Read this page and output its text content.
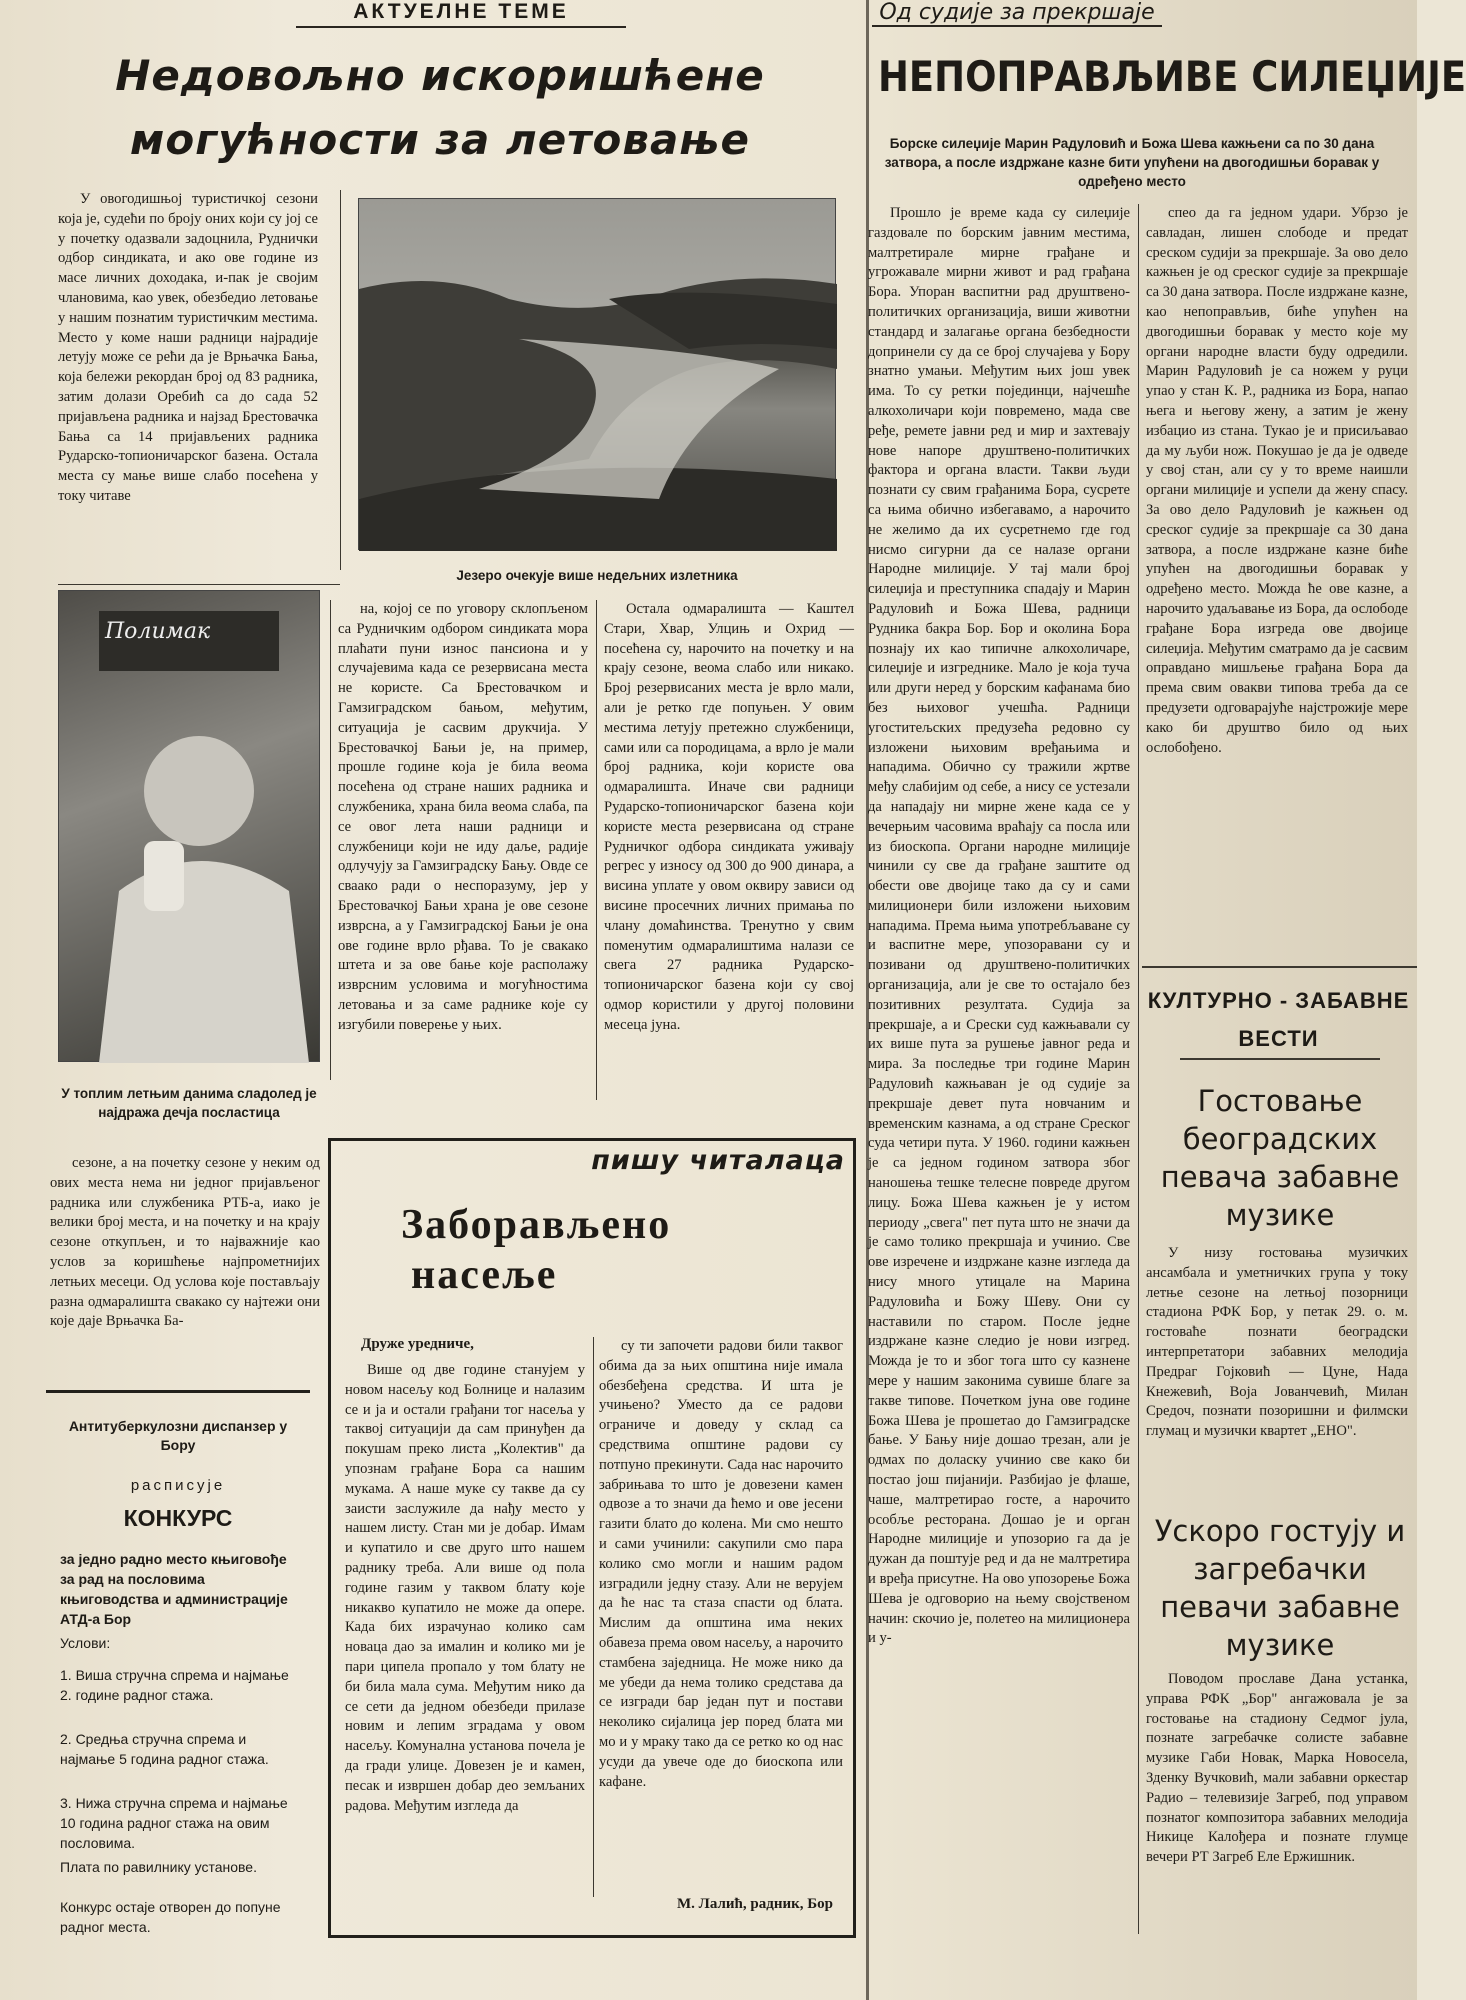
АКТУЕЛНЕ ТЕМЕ
Недовољно искоришћене
могућности за летовање
У овогодишњој туристичкој сезони која је, судећи по броју оних који су јој се у почетку одазвали задоцнила, Руднички одбор синдиката, и ако ове године из масе личних доходака, и-пак је својим члановима, као увек, обезбедио летовање у нашим познатим туристичким местима. Место у коме наши радници најрадије летују може се рећи да је Врњачка Бања, која бележи рекордан број од 83 радника, затим долази Оребић са до сада 52 пријављена радника и најзад Брестовачка Бања са 14 пријављених радника Рударско-топионичарског базена. Остала места су мање више слабо посећена у току читаве
Језеро очекује више недељних излетника
Полимак
У топлим летњим данима сладолед је најдража дечја посластица
сезоне, а на почетку сезоне у неким од ових места нема ни једног пријављеног радника или службеника РТБ-а, иако је велики број места, и на почетку и на крају сезоне откупљен, и то најважније као услов за коришћење најпрометнијих летњих месеци. Од услова које постављају разна одмаралишта свакако су најтежи они које даје Врњачка Ба-
на, којој се по уговору склопљеном са Рудничким одбором синдиката мора плаћати пуни износ пансиона и у случајевима када се резервисана места не користе. Са Брестовачком и Гамзиградском бањом, међутим, ситуација је сасвим друкчија. У Брестовачкој Бањи је, на пример, прошле године која је била веома посећена од стране наших радника и службеника, храна била веома слаба, па се овог лета наши радници и службеници који не иду даље, радије одлучују за Гамзиградску Бању. Овде се сваако ради о неспоразуму, јер у Брестовачкој Бањи храна је ове сезоне изврсна, а у Гамзиградској Бањи је она ове године врло рђава. То је свакако штета и за ове бање које располажу изврсним условима и могућностима летовања и за саме раднике које су изгубили поверење у њих.
Остала одмаралишта — Каштел Стари, Хвар, Улцињ и Охрид — посећена су, нарочито на почетку и на крају сезоне, веома слабо или никако. Број резервисаних места је врло мали, али је ретко где попуњен. У овим местима летују претежно службеници, сами или са породицама, а врло је мали број радника, који користе ова одмаралишта. Иначе сви радници Рударско-топионичарског базена који користе места резервисана од стране Рудничког одбора синдиката уживају регрес у износу од 300 до 900 динара, а висина уплате у овом оквиру зависи од висине просечних личних примања по члану домаћинства. Тренутно у свим поменутим одмаралиштима налази се свега 27 радника Рударско-топионичарског базена који су свој одмор користили у другој половини месеца јуна.
пишу читалаца
Заборављено
насеље
Друже уредниче,
Више од две године станујем у новом насељу код Болнице и налазим се и ја и остали грађани тог насеља у таквој ситуацији да сам принуђен да покушам преко листа „Колектив" да упознам грађане Бора са нашим мукама. А наше муке су такве да су заисти заслужиле да нађу место у нашем листу. Стан ми је добар. Имам и купатило и све друго што нашем раднику треба. Али више од пола године газим у таквом блату које никакво купатило не може да опере. Када бих израчунао колико сам новаца дао за ималин и колико ми је пари ципела пропало у том блату не би била мала сума. Међутим нико да се сети да једном обезбеди прилазе новим и лепим зградама у овом насељу. Комунална установа почела је да гради улице. Довезен је и камен, песак и извршен добар део земљаних радова. Међутим изгледа да
су ти започети радови били таквог обима да за њих општина није имала обезбеђена средства. И шта је учињено? Уместо да се радови ограниче и доведу у склад са средствима општине радови су потпуно прекинути. Сада нас нарочито забрињава то што је довезени камен одвозе а то значи да ћемо и ове јесени газити блато до колена. Ми смо нешто и сами учинили: сакупили смо пара колико смо могли и нашим радом изградили једну стазу. Али не верујем да ће нас та стаза спасти од блата. Мислим да општина има неких обавеза према овом насељу, а нарочито стамбена заједница. Не може нико да ме убеди да нема толико средстава да се изгради бар један пут и постави неколико сијалица јер поред блата ми мо и у мраку тако да се ретко ко од нас усуди да увече оде до биоскопа или кафане.
М. Лалић, радник, Бор
Антитуберкулозни диспанзер у Бору
расписује
КОНКУРС
за једно радно место књиговође за рад на пословима књиговодства и администрације АТД-а Бор
Услови:
1. Виша стручна спрема и најмање 2. године радног стажа.
2. Средња стручна спрема и најмање 5 година радног стажа.
3. Нижа стручна спрема и најмање 10 година радног стажа на овим пословима.
Плата по равилнику установе.
Конкурс остаје отворен до попуне радног места.
Од судије за прекршаје
НЕПОПРАВЉИВЕ СИЛЕЏИЈЕ
Борске силеџије Марин Радуловић и Божа Шева кажњени са по 30 дана затвора, а после издржане казне бити упућени на двогодишњи боравак у одређено место
Прошло је време када су силеџије газдовале по борским јавним местима, малтретирале мирне грађане и угрожавале мирни живот и рад грађана Бора. Упоран васпитни рад друштвено-политичких организација, виши животни стандард и залагање органа безбедности допринели су да се број случајева у Бору знатно умањи. Међутим њих још увек има. То су ретки појединци, најчешће алкохоличари који повремено, мада све ређе, ремете јавни ред и мир и захтевају нове напоре друштвено-политичких фактора и органа власти. Такви људи познати су свим грађанима Бора, сусрете са њима обично избегавамо, а нарочито не желимо да их сусретнемо где год нисмо сигурни да се налазе органи Народне милиције. У тај мали број силеџија и преступника спадају и Марин Радуловић и Божа Шева, радници Рудника бакра Бор. Бор и околина Бора познају их као типичне алкохоличаре, силеџије и изгреднике. Мало је која туча или други неред у борским кафанама био без њиховог учешћа. Радници угоститељских предузећа редовно су изложени њиховим вређањима и нападима. Обично су тражили жртве међу слабијим од себе, а нису се устезали да нападају ни мирне жене када се у вечерњим часовима враћају са посла или из биоскопа. Органи народне милиције чинили су све да грађане заштите од обести ове двојице тако да су и сами милиционери били изложени њиховим нападима. Према њима употребљаване су и васпитне мере, упозоравани су и позивани од друштвено-политичких организација, али је све то остајало без позитивних резултата. Судија за прекршаје, а и Срески суд кажњавали су их више пута за рушење јавног реда и мира. За последње три године Марин Радуловић кажњаван је од судије за прекршаје девет пута новчаним и временским казнама, а од стране Среског суда четири пута. У 1960. години кажњен је са једном годином затвора због наношења тешке телесне повреде другом лицу. Божа Шева кажњен је у истом периоду „свега" пет пута што не значи да је само толико прекршаја и учинио. Све ове изречене и издржане казне изгледа да нису много утицале на Марина Радуловића и Божу Шеву. Они су наставили по старом. После једне издржане казне следио је нови изгред. Можда је то и због тога што су казнене мере у нашим законима сувише благе за такве типове. Почетком јуна ове године Божа Шева је прошетао до Гамзиградске бање. У Бању није дошао трезан, али је одмах по доласку учинио све како би постао још пијанији. Разбијао је флаше, чаше, малтретирао госте, а нарочито особље ресторана. Дошао је и орган Народне милиције и упозорио га да је дужан да поштује ред и да не малтретира и вређа присутне. На ово упозорење Божа Шева је одговорио на њему својственом начин: скочио је, полетео на милиционера и у-
спео да га једном удари. Убрзо је савладан, лишен слободе и предат среском судији за прекршаје. За ово дело кажњен је од среског судије за прекршаје са 30 дана затвора. После издржане казне, као непоправљив, биће упућен на двогодишњи боравак у место које му органи народне власти буду одредили. Марин Радуловић је са ножем у руци упао у стан К. Р., радника из Бора, напао њега и његову жену, а затим је жену избацио из стана. Тукао је и присиљавао да му љуби нож. Покушао је да је одведе у свој стан, али су у то време наишли органи милиције и успели да жену спасу. За ово дело Радуловић је кажњен од среског судије за прекршаје са 30 дана затвора, а после издржане казне биће упућен на двогодишњи боравак у одређено место. Можда ће ове казне, а нарочито удаљавање из Бора, да ослободе грађане Бора изгреда ове двојице силеџија. Међутим сматрамо да је сасвим оправдано мишљење грађана Бора да према свим овакви типова треба да се предузети одговарајуће најстрожије мере како би друштво било од њих ослобођено.
КУЛТУРНО - ЗАБАВНЕ
ВЕСТИ
Гостовање београдских певача забавне музике
У низу гостовања музичких ансамбала и уметничких група у току летње сезоне на летњој позорници стадиона РФК Бор, у петак 29. о. м. гостоваће познати београдски интерпретатори забавних мелодија Предраг Гојковић — Цуне, Нада Кнежевић, Воја Јованчевић, Милан Средоч, познати позоришни и филмски глумац и музички квартет „ЕНО".
Ускоро гостују и загребачки певачи забавне музике
Поводом прославе Дана устанка, управа РФК „Бор" ангажовала је за гостовање на стадиону Седмог јула, познате загребачке солисте забавне музике Габи Новак, Марка Новосела, Зденку Вучковић, мали забавни оркестар Радио – телевизије Загреб, под управом познатог композитора забавних мелодија Никице Калођера и познате глумце вечери РТ Загреб Еле Ержишник.
